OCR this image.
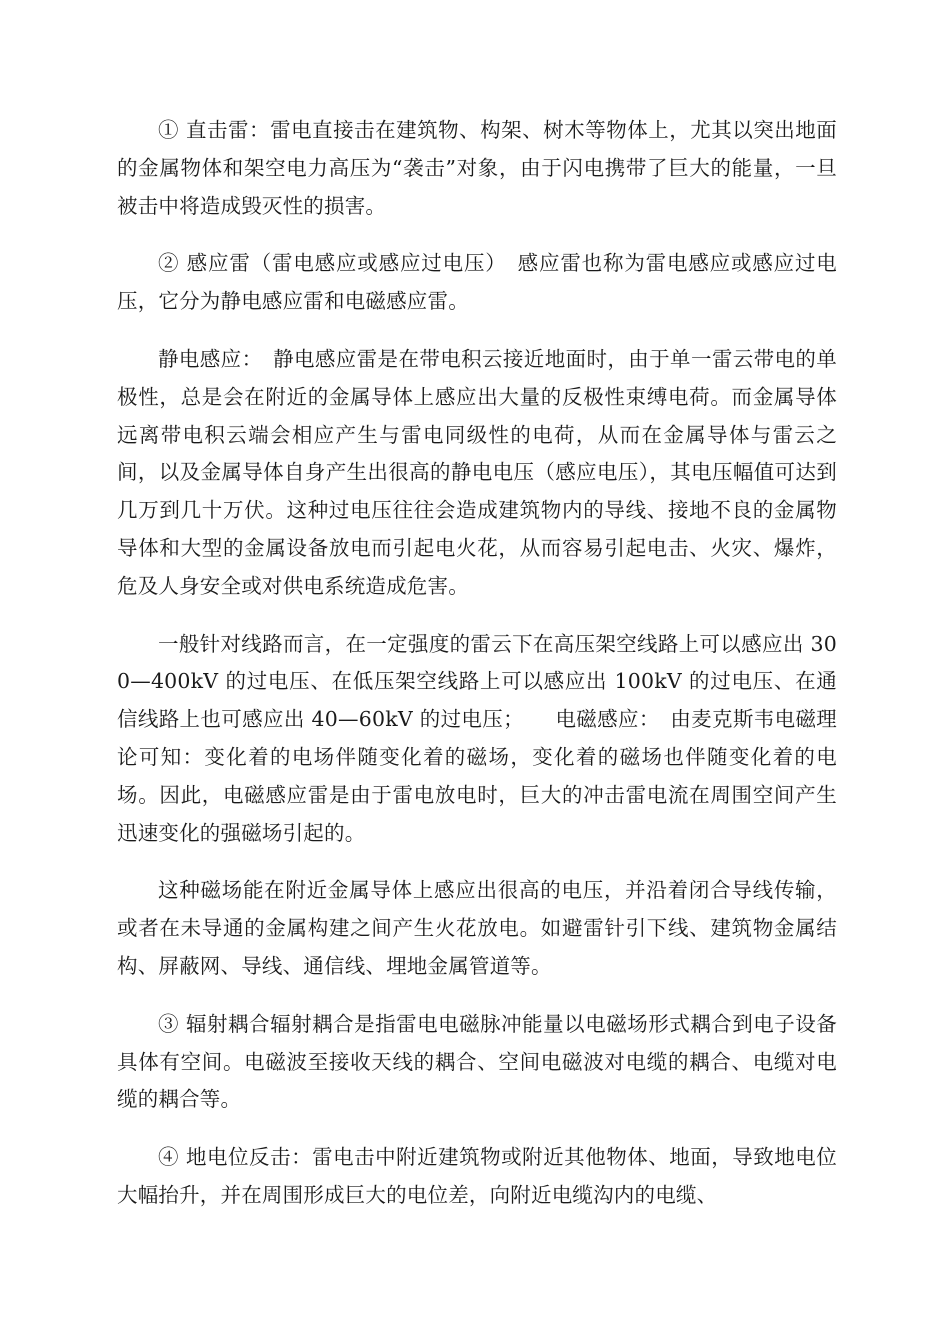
① 直击雷：雷电直接击在建筑物、构架、树木等物体上，尤其以突出地面的金属物体和架空电力高压为“袭击”对象，由于闪电携带了巨大的能量，一旦被击中将造成毁灭性的损害。

② 感应雷（雷电感应或感应过电压）　感应雷也称为雷电感应或感应过电压，它分为静电感应雷和电磁感应雷。

静电感应：　静电感应雷是在带电积云接近地面时，由于单一雷云带电的单极性，总是会在附近的金属导体上感应出大量的反极性束缚电荷。而金属导体远离带电积云端会相应产生与雷电同级性的电荷，从而在金属导体与雷云之间，以及金属导体自身产生出很高的静电电压（感应电压），其电压幅值可达到几万到几十万伏。这种过电压往往会造成建筑物内的导线、接地不良的金属物导体和大型的金属设备放电而引起电火花，从而容易引起电击、火灾、爆炸，危及人身安全或对供电系统造成危害。

一般针对线路而言，在一定强度的雷云下在高压架空线路上可以感应出 300—400kV 的过电压、在低压架空线路上可以感应出 100kV 的过电压、在通信线路上也可感应出 40—60kV 的过电压；　　电磁感应：　由麦克斯韦电磁理论可知：变化着的电场伴随变化着的磁场，变化着的磁场也伴随变化着的电场。因此，电磁感应雷是由于雷电放电时，巨大的冲击雷电流在周围空间产生迅速变化的强磁场引起的。

这种磁场能在附近金属导体上感应出很高的电压，并沿着闭合导线传输，或者在未导通的金属构建之间产生火花放电。如避雷针引下线、建筑物金属结构、屏蔽网、导线、通信线、埋地金属管道等。

③ 辐射耦合辐射耦合是指雷电电磁脉冲能量以电磁场形式耦合到电子设备具体有空间。电磁波至接收天线的耦合、空间电磁波对电缆的耦合、电缆对电缆的耦合等。

④ 地电位反击：雷电击中附近建筑物或附近其他物体、地面，导致地电位大幅抬升，并在周围形成巨大的电位差，向附近电缆沟内的电缆、
